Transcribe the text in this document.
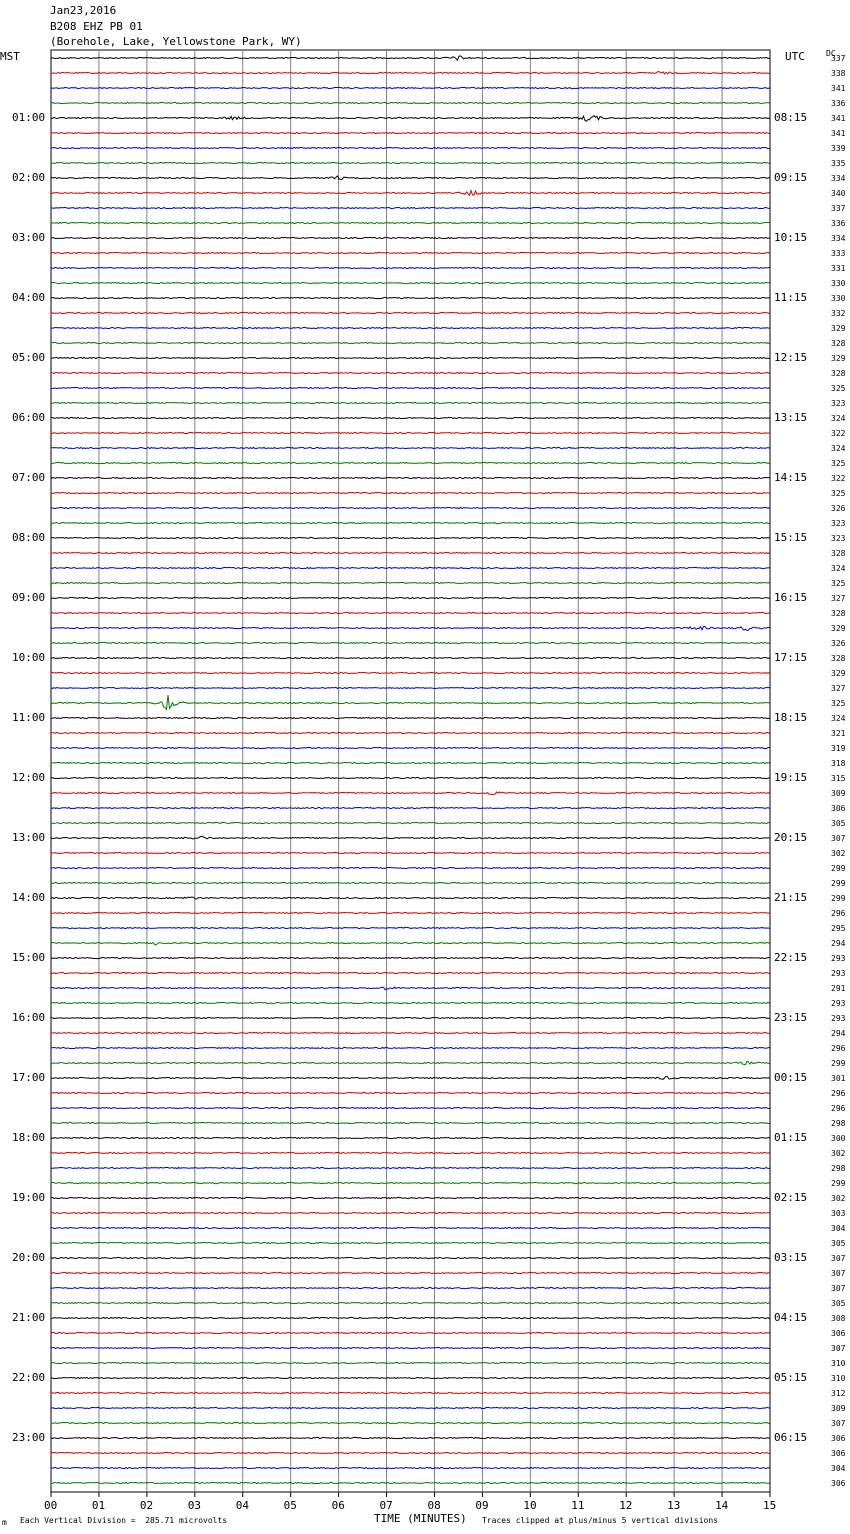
Jan23,2016
B208 EHZ PB 01
(Borehole, Lake, Yellowstone Park, WY)
MST	UTC	DC
01:00
02:00
03:00
04:00
05:00
06:00
07:00
08:00
09:00
10:00
11:00
12:00
13:00
14:00
15:00
16:00
17:00
18:00
19:00
20:00
21:00
22:00
23:00
08:15
09:15
10:15
11:15
12:15
13:15
14:15
15:15
16:15
17:15
18:15
19:15
20:15
21:15
22:15
23:15
00:15
01:15
02:15
03:15
04:15
05:15
06:15
337
338
341
336
341
341
339
335
334
340
337
336
334
333
331
330
330
332
329
328
329
328
325
323
324
322
324
325
322
325
326
323
323
328
324
325
327
328
329
326
328
329
327
325
324
321
319
318
315
309
306
305
307
302
299
299
299
296
295
294
293
293
291
293
293
294
296
299
301
296
296
298
300
302
298
299
302
303
304
305
307
307
307
305
308
306
307
310
310
312
309
307
306
306
304
306
00	01	02	03	04	05	06	07	08	09	10	11	12	13	14	15
m Each Vertical Division =  285.71 microvolts	TIME (MINUTES) Traces clipped at plus/minus 5 vertical divisions
